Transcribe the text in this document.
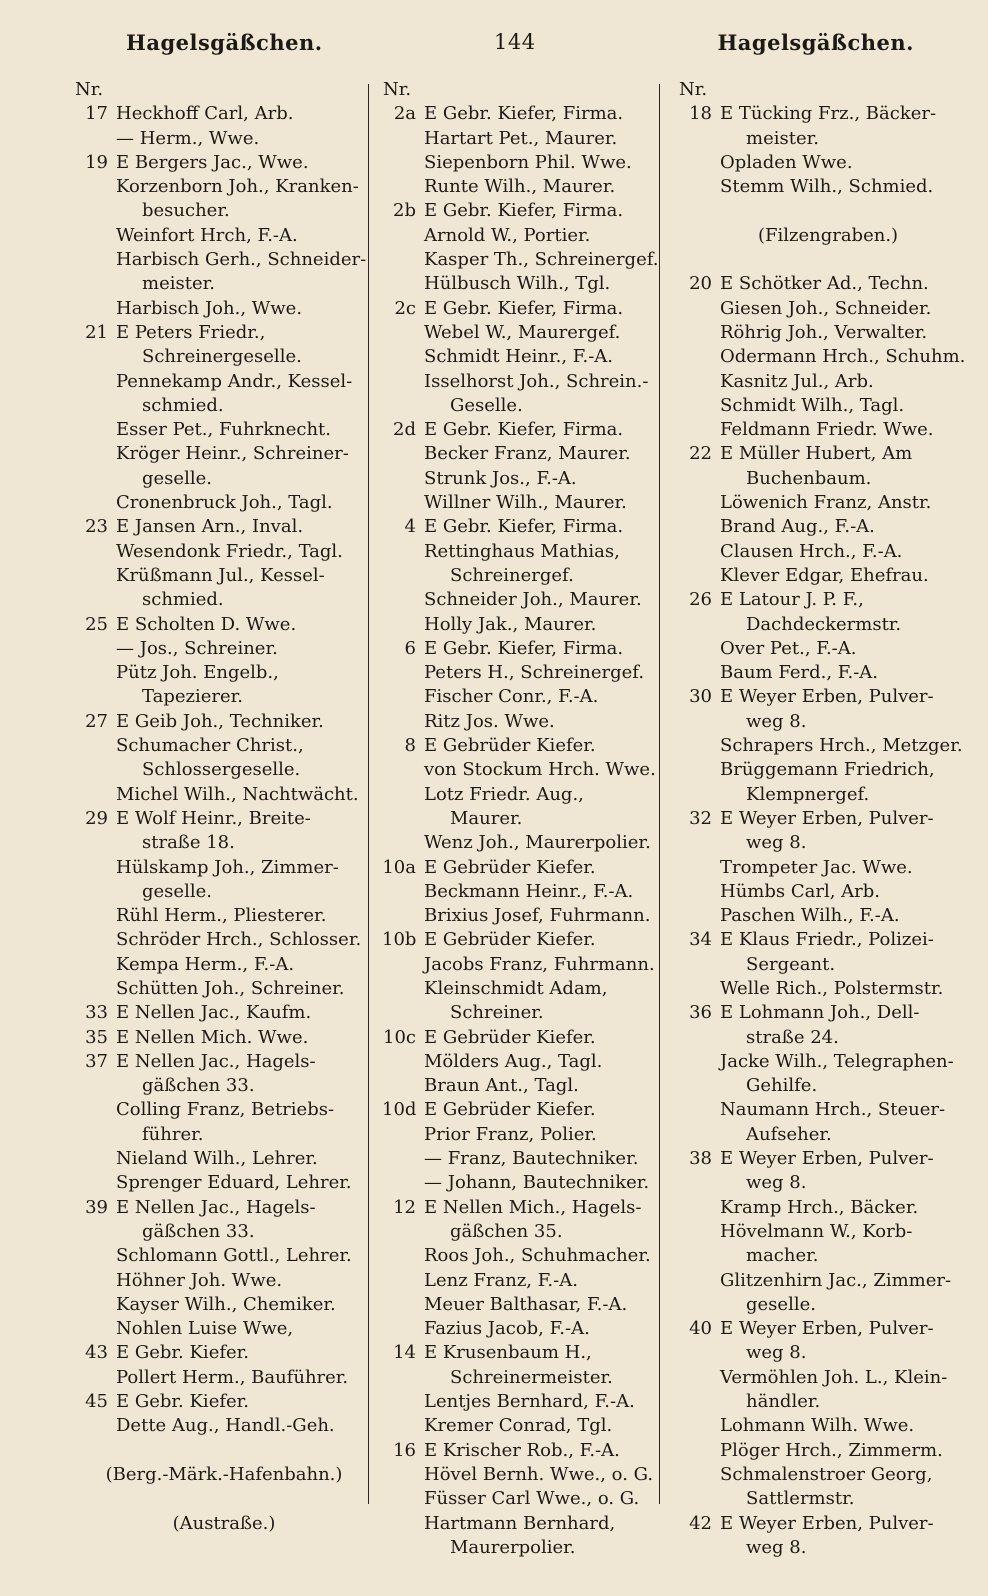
Hagelsgäßchen.	144	Hagelsgäßchen.
Nr.
17 Heckhoff Carl, Arb.
— Herm., Wwe.
19 E Bergers Jac., Wwe.
Korzenborn Joh., Kranken-
besucher.
Weinfort Hrch, F.-A.
Harbisch Gerh., Schneider-
meister.
Harbisch Joh., Wwe.
21 E Peters Friedr.,
Schreinergeselle.
Pennekamp Andr., Kessel-
schmied.
Esser Pet., Fuhrknecht.
Kröger Heinr., Schreiner-
geselle.
Cronenbruck Joh., Tagl.
23 E Jansen Arn., Inval.
Wesendonk Friedr., Tagl.
Krüßmann Jul., Kessel-
schmied.
25 E Scholten D. Wwe.
— Jos., Schreiner.
Pütz Joh. Engelb.,
Tapezierer.
27 E Geib Joh., Techniker.
Schumacher Christ.,
Schlossergeselle.
Michel Wilh., Nachtwächt.
29 E Wolf Heinr., Breite-
straße 18.
Hülskamp Joh., Zimmer-
geselle.
Rühl Herm., Pliesterer.
Schröder Hrch., Schlosser.
Kempa Herm., F.-A.
Schütten Joh., Schreiner.
33 E Nellen Jac., Kaufm.
35 E Nellen Mich. Wwe.
37 E Nellen Jac., Hagels-
gäßchen 33.
Colling Franz, Betriebs-
führer.
Nieland Wilh., Lehrer.
Sprenger Eduard, Lehrer.
39 E Nellen Jac., Hagels-
gäßchen 33.
Schlomann Gottl., Lehrer.
Höhner Joh. Wwe.
Kayser Wilh., Chemiker.
Nohlen Luise Wwe,
43 E Gebr. Kiefer.
Pollert Herm., Bauführer.
45 E Gebr. Kiefer.
Dette Aug., Handl.-Geh.
(Berg.-Märk.-Hafenbahn.)
(Austraße.)
Nr.
2a E Gebr. Kiefer, Firma.
Hartart Pet., Maurer.
Siepenborn Phil. Wwe.
Runte Wilh., Maurer.
2b E Gebr. Kiefer, Firma.
Arnold W., Portier.
Kasper Th., Schreinergef.
Hülbusch Wilh., Tgl.
2c E Gebr. Kiefer, Firma.
Webel W., Maurergef.
Schmidt Heinr., F.-A.
Isselhorst Joh., Schrein.-
Geselle.
2d E Gebr. Kiefer, Firma.
Becker Franz, Maurer.
Strunk Jos., F.-A.
Willner Wilh., Maurer.
4 E Gebr. Kiefer, Firma.
Rettinghaus Mathias,
Schreinergef.
Schneider Joh., Maurer.
Holly Jak., Maurer.
6 E Gebr. Kiefer, Firma.
Peters H., Schreinergef.
Fischer Conr., F.-A.
Ritz Jos. Wwe.
8 E Gebrüder Kiefer.
von Stockum Hrch. Wwe.
Lotz Friedr. Aug.,
Maurer.
Wenz Joh., Maurerpolier.
10a E Gebrüder Kiefer.
Beckmann Heinr., F.-A.
Brixius Josef, Fuhrmann.
10b E Gebrüder Kiefer.
Jacobs Franz, Fuhrmann.
Kleinschmidt Adam,
Schreiner.
10c E Gebrüder Kiefer.
Mölders Aug., Tagl.
Braun Ant., Tagl.
10d E Gebrüder Kiefer.
Prior Franz, Polier.
— Franz, Bautechniker.
— Johann, Bautechniker.
12 E Nellen Mich., Hagels-
gäßchen 35.
Roos Joh., Schuhmacher.
Lenz Franz, F.-A.
Meuer Balthasar, F.-A.
Fazius Jacob, F.-A.
14 E Krusenbaum H.,
Schreinermeister.
Lentjes Bernhard, F.-A.
Kremer Conrad, Tgl.
16 E Krischer Rob., F.-A.
Hövel Bernh. Wwe., o. G.
Füsser Carl Wwe., o. G.
Hartmann Bernhard,
Maurerpolier.
Nr.
18 E Tücking Frz., Bäcker-
meister.
Opladen Wwe.
Stemm Wilh., Schmied.
(Filzengraben.)
20 E Schötker Ad., Techn.
Giesen Joh., Schneider.
Röhrig Joh., Verwalter.
Odermann Hrch., Schuhm.
Kasnitz Jul., Arb.
Schmidt Wilh., Tagl.
Feldmann Friedr. Wwe.
22 E Müller Hubert, Am
Buchenbaum.
Löwenich Franz, Anstr.
Brand Aug., F.-A.
Clausen Hrch., F.-A.
Klever Edgar, Ehefrau.
26 E Latour J. P. F.,
Dachdeckermstr.
Over Pet., F.-A.
Baum Ferd., F.-A.
30 E Weyer Erben, Pulver-
weg 8.
Schrapers Hrch., Metzger.
Brüggemann Friedrich,
Klempnergef.
32 E Weyer Erben, Pulver-
weg 8.
Trompeter Jac. Wwe.
Hümbs Carl, Arb.
Paschen Wilh., F.-A.
34 E Klaus Friedr., Polizei-
Sergeant.
Welle Rich., Polstermstr.
36 E Lohmann Joh., Dell-
straße 24.
Jacke Wilh., Telegraphen-
Gehilfe.
Naumann Hrch., Steuer-
Aufseher.
38 E Weyer Erben, Pulver-
weg 8.
Kramp Hrch., Bäcker.
Hövelmann W., Korb-
macher.
Glitzenhirn Jac., Zimmer-
geselle.
40 E Weyer Erben, Pulver-
weg 8.
Vermöhlen Joh. L., Klein-
händler.
Lohmann Wilh. Wwe.
Plöger Hrch., Zimmerm.
Schmalenstroer Georg,
Sattlermstr.
42 E Weyer Erben, Pulver-
weg 8.
